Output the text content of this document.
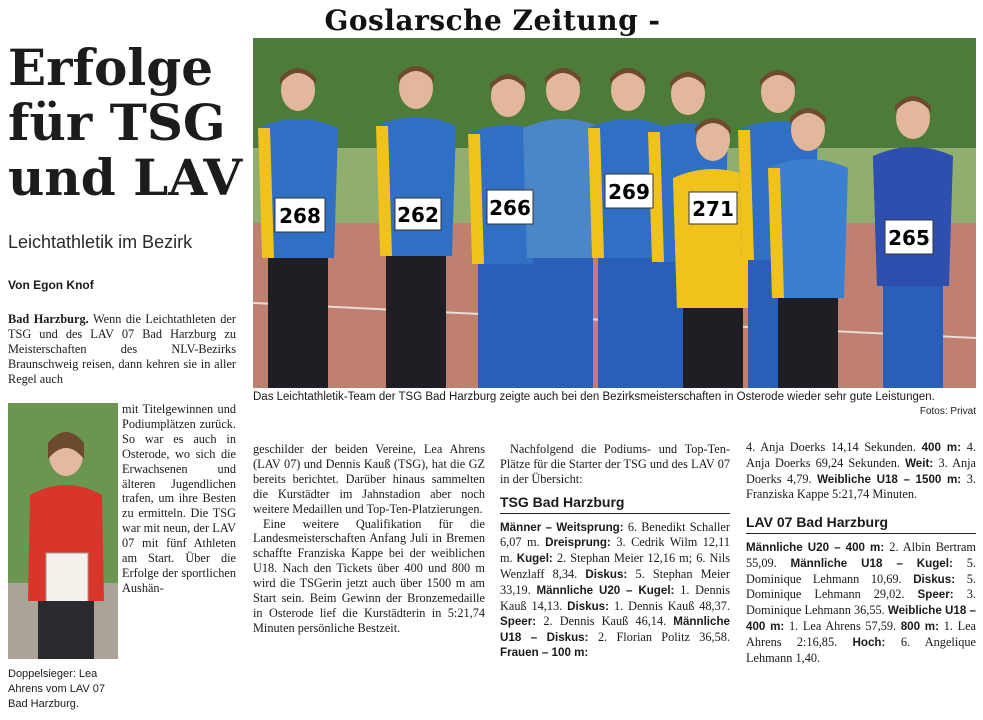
Goslarsche Zeitung -
Erfolge
für TSG
und LAV
Leichtathletik im Bezirk
Von Egon Knof
268	262	266
269
271
265
Das Leichtathletik-Team der TSG Bad Harzburg zeigte auch bei den Bezirksmeisterschaften in Osterode wieder sehr gute Leistungen.
Fotos: Privat
Bad Harzburg. Wenn die Leichtathleten der TSG und des LAV 07 Bad Harzburg zu Meisterschaften des NLV-Bezirks Braunschweig reisen, dann kehren sie in aller Regel auch
mit Titelgewinnen und Podiumplätzen zurück. So war es auch in Osterode, wo sich die Erwachsenen und älteren Jugendlichen trafen, um ihre Besten zu ermitteln. Die TSG war mit neun, der LAV 07 mit fünf Athleten am Start. Über die Erfolge der sportlichen Aushän-
Doppelsieger: Lea Ahrens vom LAV 07 Bad Harzburg.
geschilder der beiden Vereine, Lea Ahrens (LAV 07) und Dennis Kauß (TSG), hat die GZ bereits berichtet. Darüber hinaus sammelten die Kurstädter im Jahnstadion aber noch weitere Medaillen und Top-Ten-Platzierungen.
Eine weitere Qualifikation für die Landesmeisterschaften Anfang Juli in Bremen schaffte Franziska Kappe bei der weiblichen U18. Nach den Tickets über 400 und 800 m wird die TSGerin jetzt auch über 1500 m am Start sein. Beim Gewinn der Bronzemedaille in Osterode lief die Kurstädterin in 5:21,74 Minuten persönliche Bestzeit.
Nachfolgend die Podiums- und Top-Ten-Plätze für die Starter der TSG und des LAV 07 in der Übersicht:
TSG Bad Harzburg
Männer – Weitsprung: 6. Benedikt Schaller 6,07 m. Dreisprung: 3. Cedrik Wilm 12,11 m. Kugel: 2. Stephan Meier 12,16 m; 6. Nils Wenzlaff 8,34. Diskus: 5. Stephan Meier 33,19. Männliche U20 – Kugel: 1. Dennis Kauß 14,13. Diskus: 1. Dennis Kauß 48,37. Speer: 2. Dennis Kauß 46,14. Männliche U18 – Diskus: 2. Florian Politz 36,58. Frauen – 100 m:
4. Anja Doerks 14,14 Sekunden. 400 m: 4. Anja Doerks 69,24 Sekunden. Weit: 3. Anja Doerks 4,79. Weibliche U18 – 1500 m: 3. Franziska Kappe 5:21,74 Minuten.
LAV 07 Bad Harzburg
Männliche U20 – 400 m: 2. Albin Bertram 55,09. Männliche U18 – Kugel: 5. Dominique Lehmann 10,69. Diskus: 5. Dominique Lehmann 29,02. Speer: 3. Dominique Lehmann 36,55. Weibliche U18 – 400 m: 1. Lea Ahrens 57,59. 800 m: 1. Lea Ahrens 2:16,85. Hoch: 6. Angelique Lehmann 1,40.
